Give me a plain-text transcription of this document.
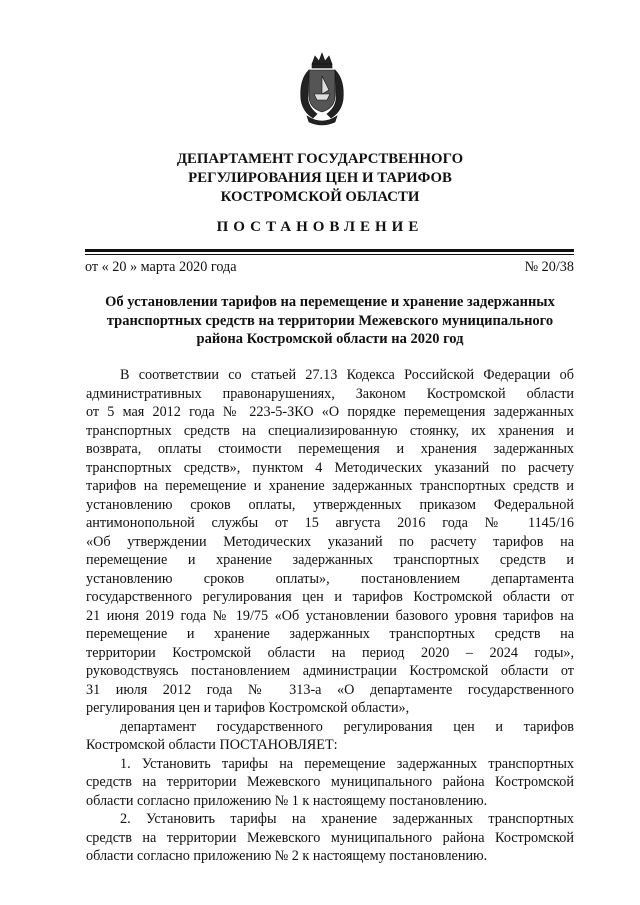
ДЕПАРТАМЕНТ ГОСУДАРСТВЕННОГО
РЕГУЛИРОВАНИЯ ЦЕН И ТАРИФОВ
КОСТРОМСКОЙ ОБЛАСТИ
ПОСТАНОВЛЕНИЕ
от « 20 » марта 2020 года	№ 20/38
Об установлении тарифов на перемещение и хранение задержанных
транспортных средств на территории Межевского муниципального
района Костромской области на 2020 год
В соответствии со статьей 27.13 Кодекса Российской Федерации об
административных правонарушениях, Законом Костромской области
от 5 мая 2012 года № 223-5-ЗКО «О порядке перемещения задержанных
транспортных средств на специализированную стоянку, их хранения и
возврата, оплаты стоимости перемещения и хранения задержанных
транспортных средств», пунктом 4 Методических указаний по расчету
тарифов на перемещение и хранение задержанных транспортных средств и
установлению сроков оплаты, утвержденных приказом Федеральной
антимонопольной службы от 15 августа 2016 года № 1145/16
«Об утверждении Методических указаний по расчету тарифов на
перемещение и хранение задержанных транспортных средств и
установлению сроков оплаты», постановлением департамента
государственного регулирования цен и тарифов Костромской области от
21 июня 2019 года № 19/75 «Об установлении базового уровня тарифов на
перемещение и хранение задержанных транспортных средств на
территории Костромской области на период 2020 – 2024 годы»,
руководствуясь постановлением администрации Костромской области от
31 июля 2012 года № 313-а «О департаменте государственного
регулирования цен и тарифов Костромской области»,
департамент государственного регулирования цен и тарифов
Костромской области ПОСТАНОВЛЯЕТ:
1. Установить тарифы на перемещение задержанных транспортных
средств на территории Межевского муниципального района Костромской
области согласно приложению № 1 к настоящему постановлению.
2. Установить тарифы на хранение задержанных транспортных
средств на территории Межевского муниципального района Костромской
области согласно приложению № 2 к настоящему постановлению.
